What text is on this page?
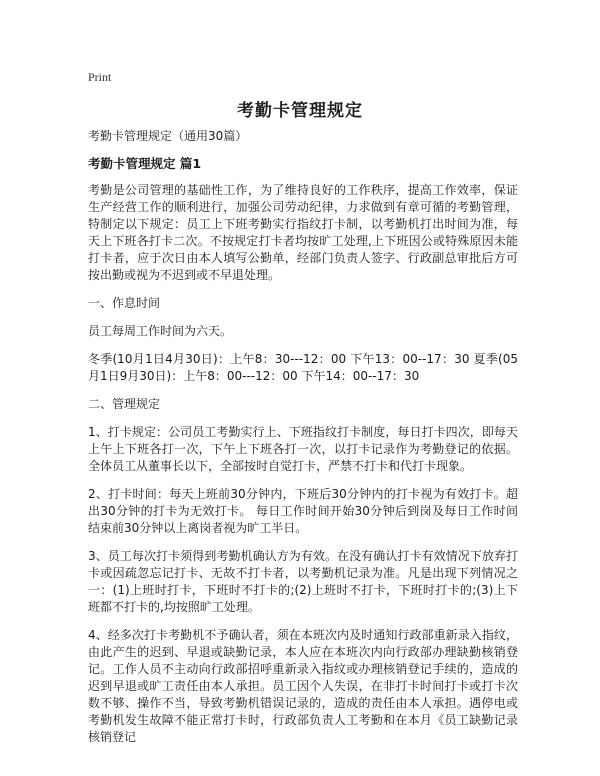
Print
考勤卡管理规定

考勤卡管理规定（通用30篇）

考勤卡管理规定 篇1

考勤是公司管理的基础性工作，为了维持良好的工作秩序，提高工作效率，保证生产经营工作的顺利进行，加强公司劳动纪律，力求做到有章可循的考勤管理，特制定以下规定：员工上下班考勤实行指纹打卡制，以考勤机打出时间为准，每天上下班各打卡二次。不按规定打卡者均按旷工处理,上下班因公或特殊原因未能打卡者，应于次日由本人填写公勤单，经部门负责人签字、行政副总审批后方可按出勤或视为不迟到或不早退处理。

一、作息时间

员工每周工作时间为六天。

冬季(10月1日4月30日)：上午8：30---12：00 下午13：00--17：30 夏季(05月1日9月30日)：上午8：00---12：00 下午14：00--17：30

二、管理规定

1、打卡规定：公司员工考勤实行上、下班指纹打卡制度，每日打卡四次，即每天上午上下班各打一次，下午上下班各打一次，以打卡记录作为考勤登记的依据。全体员工从董事长以下，全部按时自觉打卡，严禁不打卡和代打卡现象。

2、打卡时间：每天上班前30分钟内，下班后30分钟内的打卡视为有效打卡。超出30分钟的打卡为无效打卡。 每日工作时间开始30分钟后到岗及每日工作时间结束前30分钟以上离岗者视为旷工半日。

3、员工每次打卡须得到考勤机确认方为有效。在没有确认打卡有效情况下放弃打卡或因疏忽忘记打卡、无故不打卡者，以考勤机记录为准。凡是出现下列情况之一：(1)上班时打卡，下班时不打卡的;(2)上班时不打卡，下班时打卡的;(3)上下班都不打卡的,均按照旷工处理。

4、经多次打卡考勤机不予确认者，须在本班次内及时通知行政部重新录入指纹，由此产生的迟到、早退或缺勤记录，本人应在本班次内向行政部办理缺勤核销登记。工作人员不主动向行政部招呼重新录入指纹或办理核销登记手续的，造成的迟到早退或旷工责任由本人承担。员工因个人失误，在非打卡时间打卡或打卡次数不够、操作不当，导致考勤机错误记录的，造成的责任由本人承担。遇停电或考勤机发生故障不能正常打卡时，行政部负责人工考勤和在本月《员工缺勤记录核销登记
